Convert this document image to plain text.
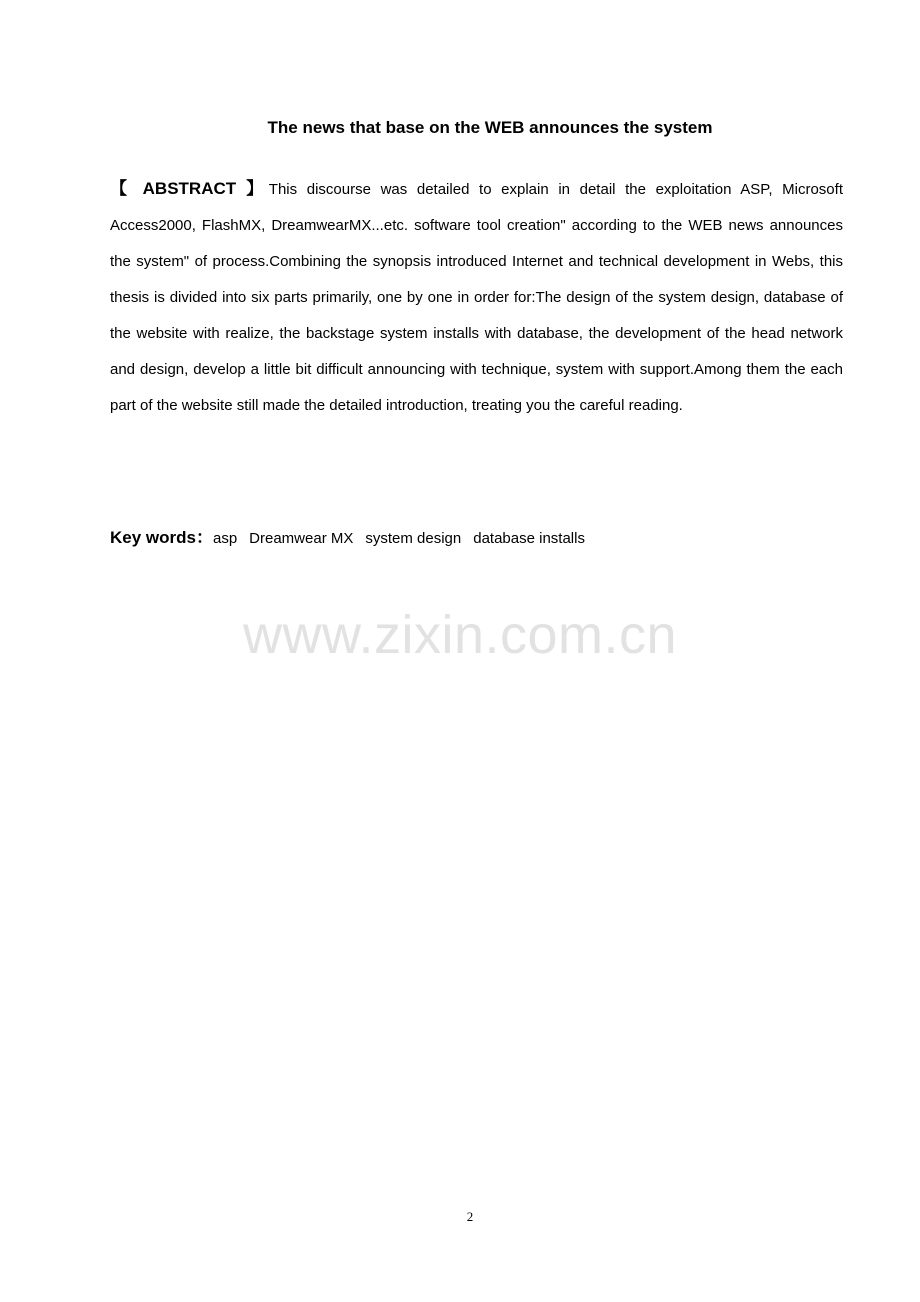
The news that base on the WEB announces the system

【 ABSTRACT 】This discourse was detailed to explain in detail the exploitation ASP, Microsoft Access2000, FlashMX, DreamwearMX...etc. software tool creation" according to the WEB news announces the system" of process.Combining the synopsis introduced Internet and technical development in Webs, this thesis is divided into six parts primarily, one by one in order for:The design of the system design, database of the website with realize, the backstage system installs with database, the development of the head network and design, develop a little bit difficult announcing with technique, system with support.Among them the each part of the website still made the detailed introduction, treating you the careful reading.

Key words：asp Dreamwear MX system design database installs
www.zixin.com.cn
2
